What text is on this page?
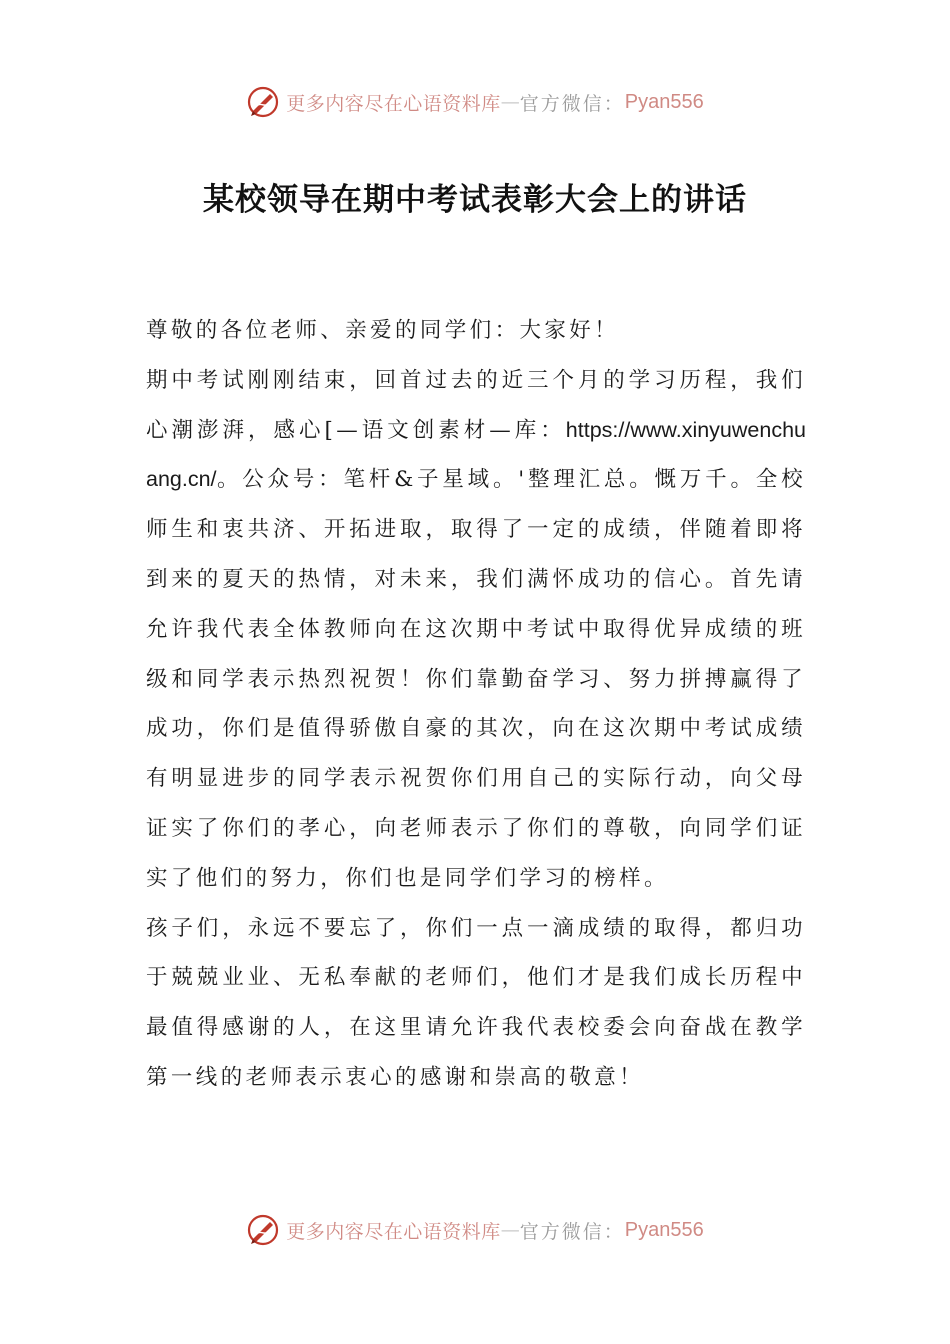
更多内容尽在心语资料库 — 官方微信： Pyan556
某校领导在期中考试表彰大会上的讲话

尊敬的各位老师、亲爱的同学们：大家好！

期中考试刚刚结束，回首过去的近三个月的学习历程，我们心潮澎湃，感心[—语文创素材—库：https://www.xinyuwenchuang.cn/。公众号：笔杆&子星域。'整理汇总。慨万千。全校师生和衷共济、开拓进取，取得了一定的成绩，伴随着即将到来的夏天的热情，对未来，我们满怀成功的信心。首先请允许我代表全体教师向在这次期中考试中取得优异成绩的班级和同学表示热烈祝贺！你们靠勤奋学习、努力拼搏赢得了成功，你们是值得骄傲自豪的其次，向在这次期中考试成绩有明显进步的同学表示祝贺你们用自己的实际行动，向父母证实了你们的孝心，向老师表示了你们的尊敬，向同学们证实了他们的努力，你们也是同学们学习的榜样。

孩子们，永远不要忘了，你们一点一滴成绩的取得，都归功于兢兢业业、无私奉献的老师们，他们才是我们成长历程中最值得感谢的人，在这里请允许我代表校委会向奋战在教学第一线的老师表示衷心的感谢和崇高的敬意！

更多内容尽在心语资料库 — 官方微信： Pyan556
